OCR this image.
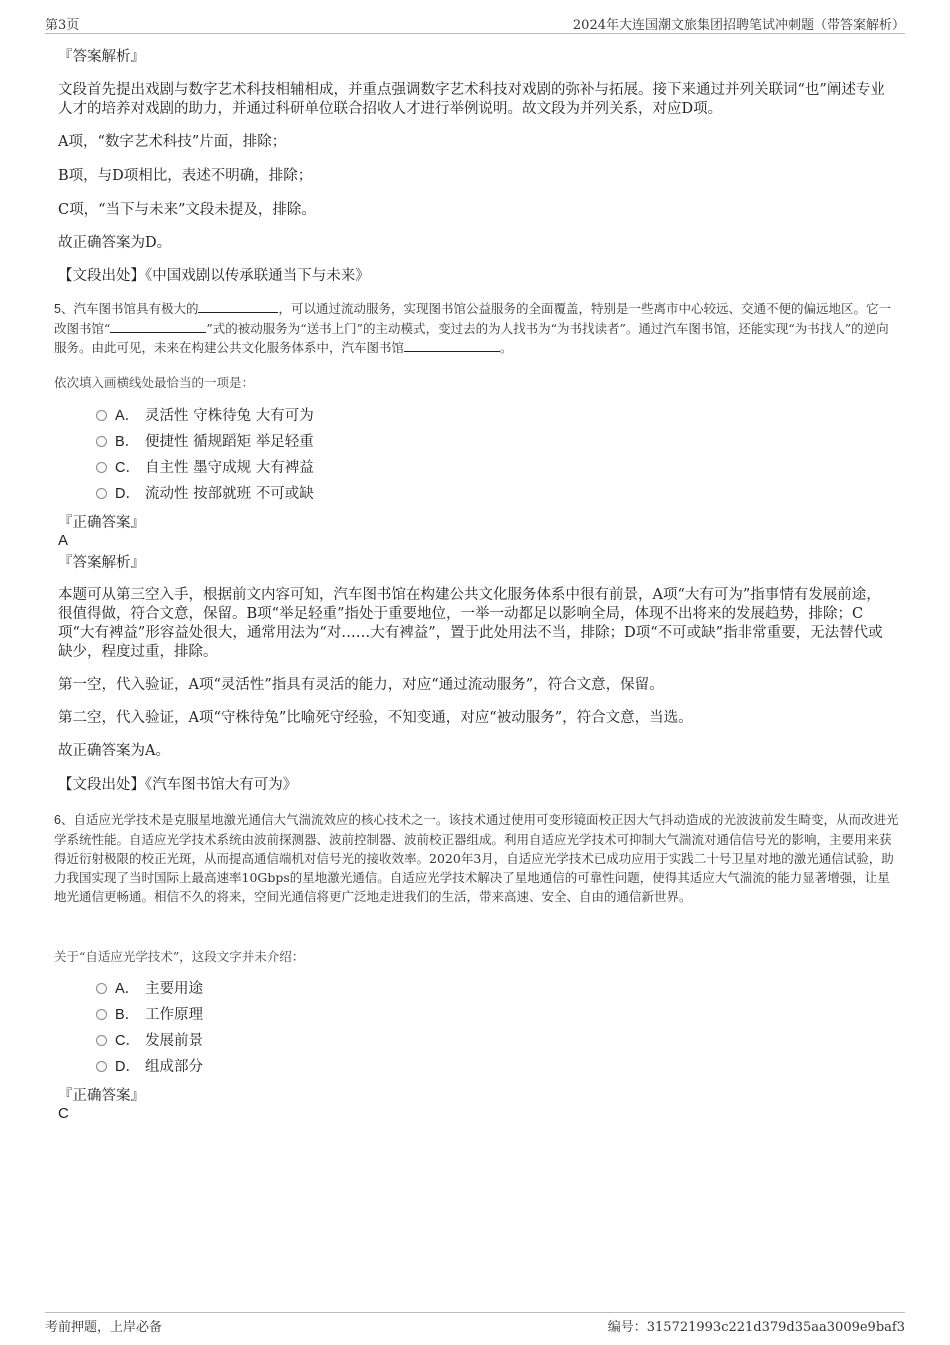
第3页	2024年大连国潮文旅集团招聘笔试冲刺题（带答案解析）
『答案解析』
文段首先提出戏剧与数字艺术科技相辅相成，并重点强调数字艺术科技对戏剧的弥补与拓展。接下来通过并列关联词“也”阐述专业人才的培养对戏剧的助力，并通过科研单位联合招收人才进行举例说明。故文段为并列关系，对应D项。
A项，“数字艺术科技”片面，排除；
B项，与D项相比，表述不明确，排除；
C项，“当下与未来”文段未提及，排除。
故正确答案为D。
【文段出处】《中国戏剧以传承联通当下与未来》
5、汽车图书馆具有极大的	，可以通过流动服务，实现图书馆公益服务的全面覆盖，特别是一些离市中心较远、交通不便的偏远地区。它一改图书馆“	”式的被动服务为“送书上门”的主动模式，变过去的为人找书为“为书找读者”。通过汽车图书馆，还能实现“为书找人”的逆向服务。由此可见，未来在构建公共文化服务体系中，汽车图书馆	。
依次填入画横线处最恰当的一项是：
A． 灵活性 守株待兔 大有可为
B． 便捷性 循规蹈矩 举足轻重
C． 自主性 墨守成规 大有裨益
D． 流动性 按部就班 不可或缺
『正确答案』
A
『答案解析』
本题可从第三空入手，根据前文内容可知，汽车图书馆在构建公共文化服务体系中很有前景，A项“大有可为”指事情有发展前途，很值得做，符合文意，保留。B项“举足轻重”指处于重要地位，一举一动都足以影响全局，体现不出将来的发展趋势，排除；C项“大有裨益”形容益处很大，通常用法为“对……大有裨益”，置于此处用法不当，排除；D项“不可或缺”指非常重要，无法替代或缺少，程度过重，排除。
第一空，代入验证，A项“灵活性”指具有灵活的能力，对应“通过流动服务”，符合文意，保留。
第二空，代入验证，A项“守株待兔”比喻死守经验，不知变通，对应“被动服务”，符合文意，当选。
故正确答案为A。
【文段出处】《汽车图书馆大有可为》
6、自适应光学技术是克服星地激光通信大气湍流效应的核心技术之一。该技术通过使用可变形镜面校正因大气抖动造成的光波波前发生畸变，从而改进光学系统性能。自适应光学技术系统由波前探测器、波前控制器、波前校正器组成。利用自适应光学技术可抑制大气湍流对通信信号光的影响，主要用来获得近衍射极限的校正光斑，从而提高通信端机对信号光的接收效率。2020年3月，自适应光学技术已成功应用于实践二十号卫星对地的激光通信试验，助力我国实现了当时国际上最高速率10Gbps的星地激光通信。自适应光学技术解决了星地通信的可靠性问题，使得其适应大气湍流的能力显著增强，让星地光通信更畅通。相信不久的将来，空间光通信将更广泛地走进我们的生活，带来高速、安全、自由的通信新世界。
关于“自适应光学技术”，这段文字并未介绍：
A． 主要用途
B． 工作原理
C． 发展前景
D． 组成部分
『正确答案』
C
考前押题，上岸必备	编号：315721993c221d379d35aa3009e9baf3
